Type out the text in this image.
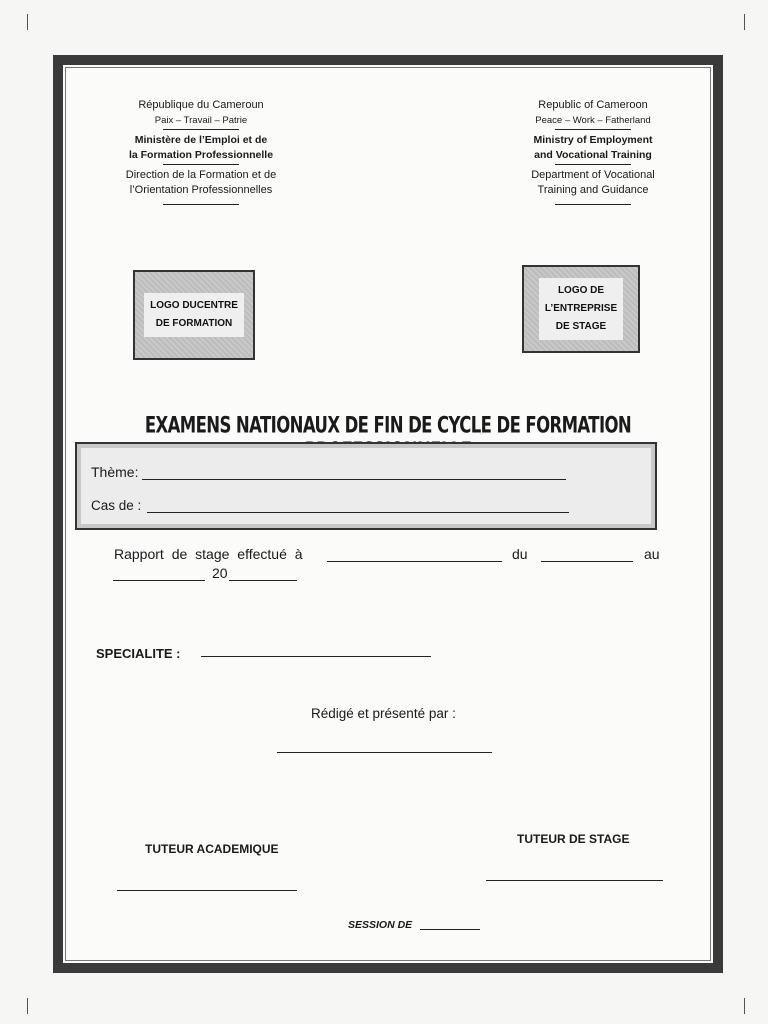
République du Cameroun
Paix – Travail – Patrie
Ministère de l’Emploi et de
la Formation Professionnelle
Direction de la Formation et de
l’Orientation Professionnelles
Republic of Cameroon
Peace – Work – Fatherland
Ministry of Employment
and Vocational Training
Department of Vocational
Training and Guidance
LOGO DUCENTRE
DE FORMATION
LOGO DE
L’ENTREPRISE
DE STAGE
EXAMENS NATIONAUX DE FIN DE CYCLE DE FORMATION
Thème:
Cas de :
Rapport de stage effectué à	du	au
20
SPECIALITE :
Rédigé et présenté par :
TUTEUR ACADEMIQUE
TUTEUR DE STAGE
SESSION DE
